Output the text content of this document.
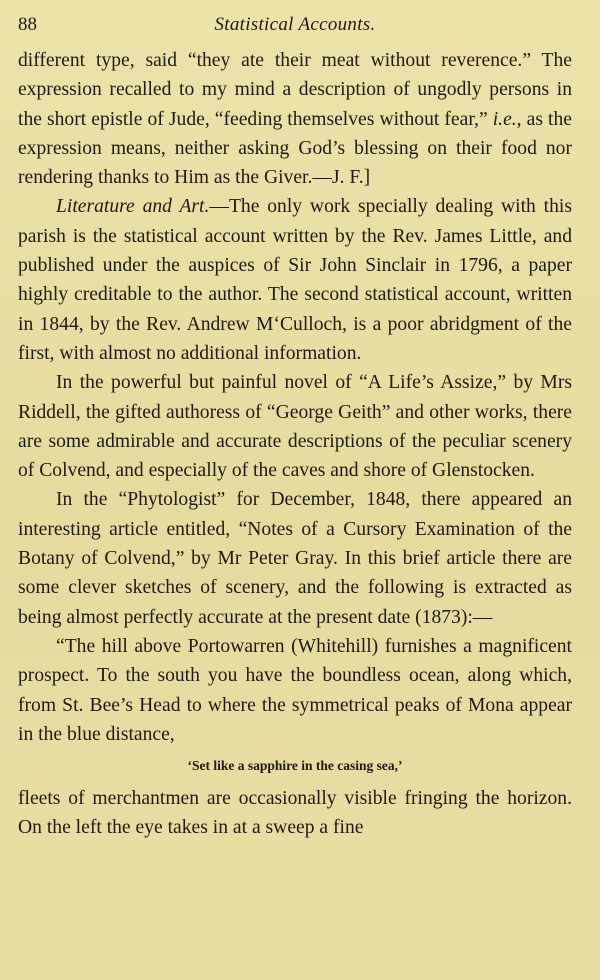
88	Statistical Accounts.

different type, said “they ate their meat without reverence.” The expression recalled to my mind a description of ungodly persons in the short epistle of Jude, “feeding themselves without fear,” i.e., as the expression means, neither asking God’s blessing on their food nor rendering thanks to Him as the Giver.—J. F.]

Literature and Art.—The only work specially dealing with this parish is the statistical account written by the Rev. James Little, and published under the auspices of Sir John Sinclair in 1796, a paper highly creditable to the author. The second statistical account, written in 1844, by the Rev. Andrew M‘Culloch, is a poor abridgment of the first, with almost no additional information.

In the powerful but painful novel of “A Life’s Assize,” by Mrs Riddell, the gifted authoress of “George Geith” and other works, there are some admirable and accurate descriptions of the peculiar scenery of Colvend, and especially of the caves and shore of Glenstocken.

In the “Phytologist” for December, 1848, there appeared an interesting article entitled, “Notes of a Cursory Examination of the Botany of Colvend,” by Mr Peter Gray. In this brief article there are some clever sketches of scenery, and the following is extracted as being almost perfectly accurate at the present date (1873):—

“The hill above Portowarren (Whitehill) furnishes a magnificent prospect. To the south you have the boundless ocean, along which, from St. Bee’s Head to where the symmetrical peaks of Mona appear in the blue distance,

‘Set like a sapphire in the casing sea,’

fleets of merchantmen are occasionally visible fringing the horizon. On the left the eye takes in at a sweep a fine
